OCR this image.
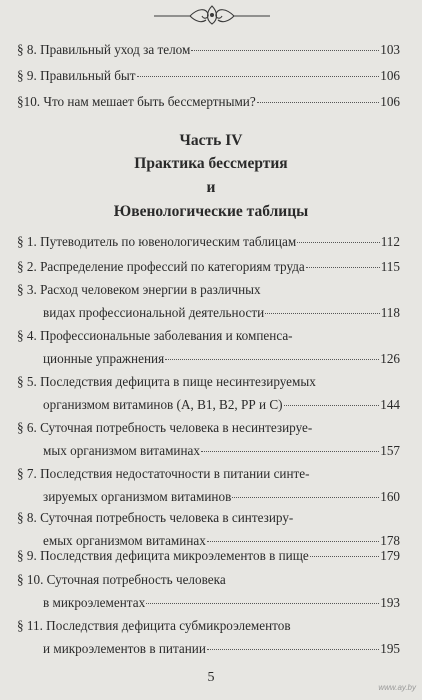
§ 8. Правильный уход за телом	103
§ 9. Правильный быт	106
§10. Что нам мешает быть бессмертными?	106
§ 1. Путеводитель по ювенологическим таблицам	112
§ 2. Распределение профессий по категориям труда	115
§ 3. Расход человеком энергии в различных
видах профессиональной деятельности	118
§ 4. Профессиональные заболевания и компенса-
ционные упражнения	126
§ 5. Последствия дефицита в пище несинтезируемых
организмом витаминов (А, В1, В2, РР и С)	144
§ 6. Суточная потребность человека в несинтезируе-
мых организмом витаминах	157
§ 7. Последствия недостаточности в питании синте-
зируемых организмом витаминов	160
§ 8. Суточная потребность человека в синтезиру-
емых организмом витаминах	178
§ 9. Последствия дефицита микроэлементов в пище	179
§ 10. Суточная потребность человека
в микроэлементах	193
§ 11. Последствия дефицита субмикроэлементов
и микроэлементов в питании	195
Часть IV
Практика бессмертия
и
Ювенологические таблицы
5
www.ay.by
